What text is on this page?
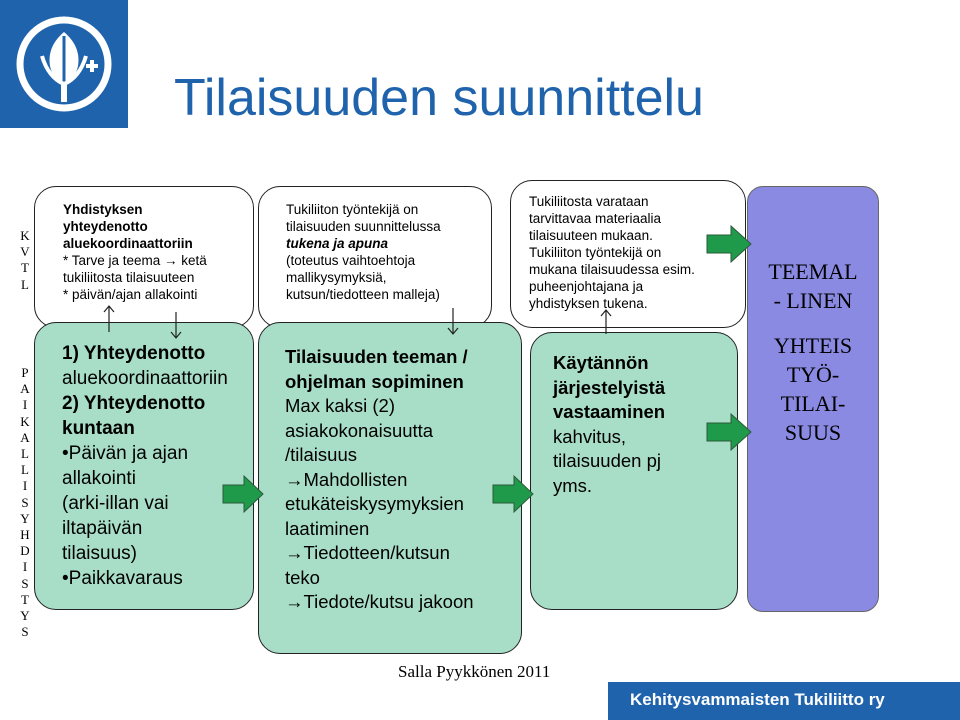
Tilaisuuden suunnittelu
K
V
T
L
P
A
I
K
A
L
L
I
S
Y
H
D
I
S
T
Y
S
Yhdistyksen
yhteydenotto
aluekoordinaattoriin
* Tarve ja teema → ketä
tukiliitosta tilaisuuteen
* päivän/ajan allakointi
Tukiliiton työntekijä on
tilaisuuden suunnittelussa
tukena ja apuna
(toteutus vaihtoehtoja
mallikysymyksiä,
kutsun/tiedotteen malleja)
Tukiliitosta varataan
tarvittavaa materiaalia
tilaisuuteen mukaan.
Tukiliiton työntekijä on
mukana tilaisuudessa esim.
puheenjohtajana ja
yhdistyksen tukena.
TEEMAL
- LINEN
YHTEIS
TYÖ-
TILAI-
SUUS
1) Yhteydenotto
aluekoordinaattoriin
2) Yhteydenotto
kuntaan
•Päivän ja ajan
allakointi
(arki-illan vai
iltapäivän
tilaisuus)
•Paikkavaraus
Tilaisuuden teeman /
ohjelman sopiminen
Max kaksi (2)
asiakokonaisuutta
/tilaisuus
→Mahdollisten
etukäteiskysymyksien
laatiminen
→Tiedotteen/kutsun
teko
→Tiedote/kutsu jakoon
Käytännön
järjestelyistä
vastaaminen
kahvitus,
tilaisuuden pj
yms.
Salla Pyykkönen 2011
Kehitysvammaisten Tukiliitto ry
